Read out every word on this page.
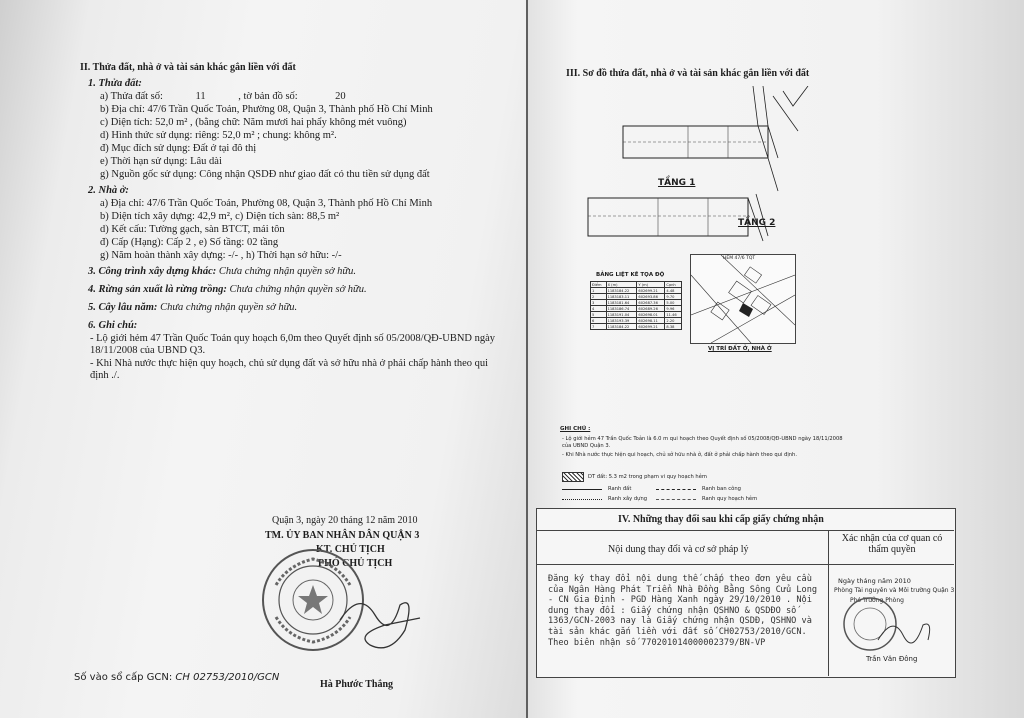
II. Thửa đất, nhà ở và tài sản khác gắn liền với đất
1. Thửa đất:
a) Thửa đất số:	11	, tờ bản đồ số:	20
b) Địa chỉ: 47/6 Trần Quốc Toản, Phường 08, Quận 3, Thành phố Hồ Chí Minh
c) Diện tích: 52,0 m² , (bằng chữ: Năm mươi hai phẩy không mét vuông)
d) Hình thức sử dụng: riêng: 52,0 m² ; chung: không m².
đ) Mục đích sử dụng: Đất ở tại đô thị
e) Thời hạn sử dụng: Lâu dài
g) Nguồn gốc sử dụng: Công nhận QSDĐ như giao đất có thu tiền sử dụng đất
2. Nhà ở:
a) Địa chỉ: 47/6 Trần Quốc Toản, Phường 08, Quận 3, Thành phố Hồ Chí Minh
b) Diện tích xây dựng: 42,9 m², c) Diện tích sàn: 88,5 m²
d) Kết cấu: Tường gạch, sàn BTCT, mái tôn
đ) Cấp (Hạng): Cấp 2 , e) Số tầng: 02 tầng
g) Năm hoàn thành xây dựng: -/- , h) Thời hạn sở hữu: -/-
3. Công trình xây dựng khác: Chưa chứng nhận quyền sở hữu.
4. Rừng sản xuất là rừng trồng: Chưa chứng nhận quyền sở hữu.
5. Cây lâu năm: Chưa chứng nhận quyền sở hữu.
6. Ghi chú:
- Lộ giới hẻm 47 Trần Quốc Toản quy hoạch 6,0m theo Quyết định số 05/2008/QĐ-UBND ngày 18/11/2008 của UBND Q3.
- Khi Nhà nước thực hiện quy hoạch, chủ sử dụng đất và sở hữu nhà ở phải chấp hành theo qui định ./.
Quận 3, ngày 20 tháng 12 năm 2010
TM. ỦY BAN NHÂN DÂN QUẬN 3
KT. CHỦ TỊCH
PHÓ CHỦ TỊCH
Hà Phước Thắng
Số vào sổ cấp GCN: CH 02753/2010/GCN
III. Sơ đồ thửa đất, nhà ở và tài sản khác gắn liền với đất
TẦNG 1
TẦNG 2
BẢNG LIỆT KÊ TỌA ĐỘ
Điểm	X (m)	Y (m)	Cạnh
1	1183184.22	602699.21	4.48
2	1183183.11	602693.86	9.70
3	1183181.64	602687.36	5.00
4	1183186.74	602689.26	9.96
5	1183191.04	602698.01	11.46
6	1183193.39	602698.11	2.20
7	1183184.22	602699.21	8.38
HẺM 47/6 TQT
VỊ TRÍ ĐẤT Ở, NHÀ Ở
GHI CHÚ :
- Lộ giới hẻm 47 Trần Quốc Toản là 6.0 m qui hoạch theo Quyết định số 05/2008/QĐ-UBND ngày 18/11/2008 của UBND Quận 3.
- Khi Nhà nước thực hiện qui hoạch, chủ sở hữu nhà ở, đất ở phải chấp hành theo qui định.
DT đất: 5.3 m2 trong phạm vi quy hoạch hẻm
Ranh đất	Ranh ban công
Ranh xây dựng	Ranh quy hoạch hẻm
IV. Những thay đổi sau khi cấp giấy chứng nhận
Nội dung thay đổi và cơ sở pháp lý
Xác nhận của cơ quan có thẩm quyền
Đăng ký thay đổi nội dung thế chấp theo đơn yêu cầu của Ngân Hàng Phát Triển Nhà Đồng Bằng Sông Cửu Long - CN Gia Định - PGD Hàng Xanh ngày 29/10/2010 . Nội dung thay đổi : Giấy chứng nhận QSHNO & QSDĐO số 1363/GCN-2003 nay là Giấy chứng nhận QSDĐ, QSHNO và tài sản khác gắn liền với đất số CH02753/2010/GCN. Theo biên nhận số 770201014000002379/BN-VP
Ngày tháng năm 2010
Phòng Tài nguyên và Môi trường Quận 3
Phó Trưởng Phòng
Trần Văn Đông
